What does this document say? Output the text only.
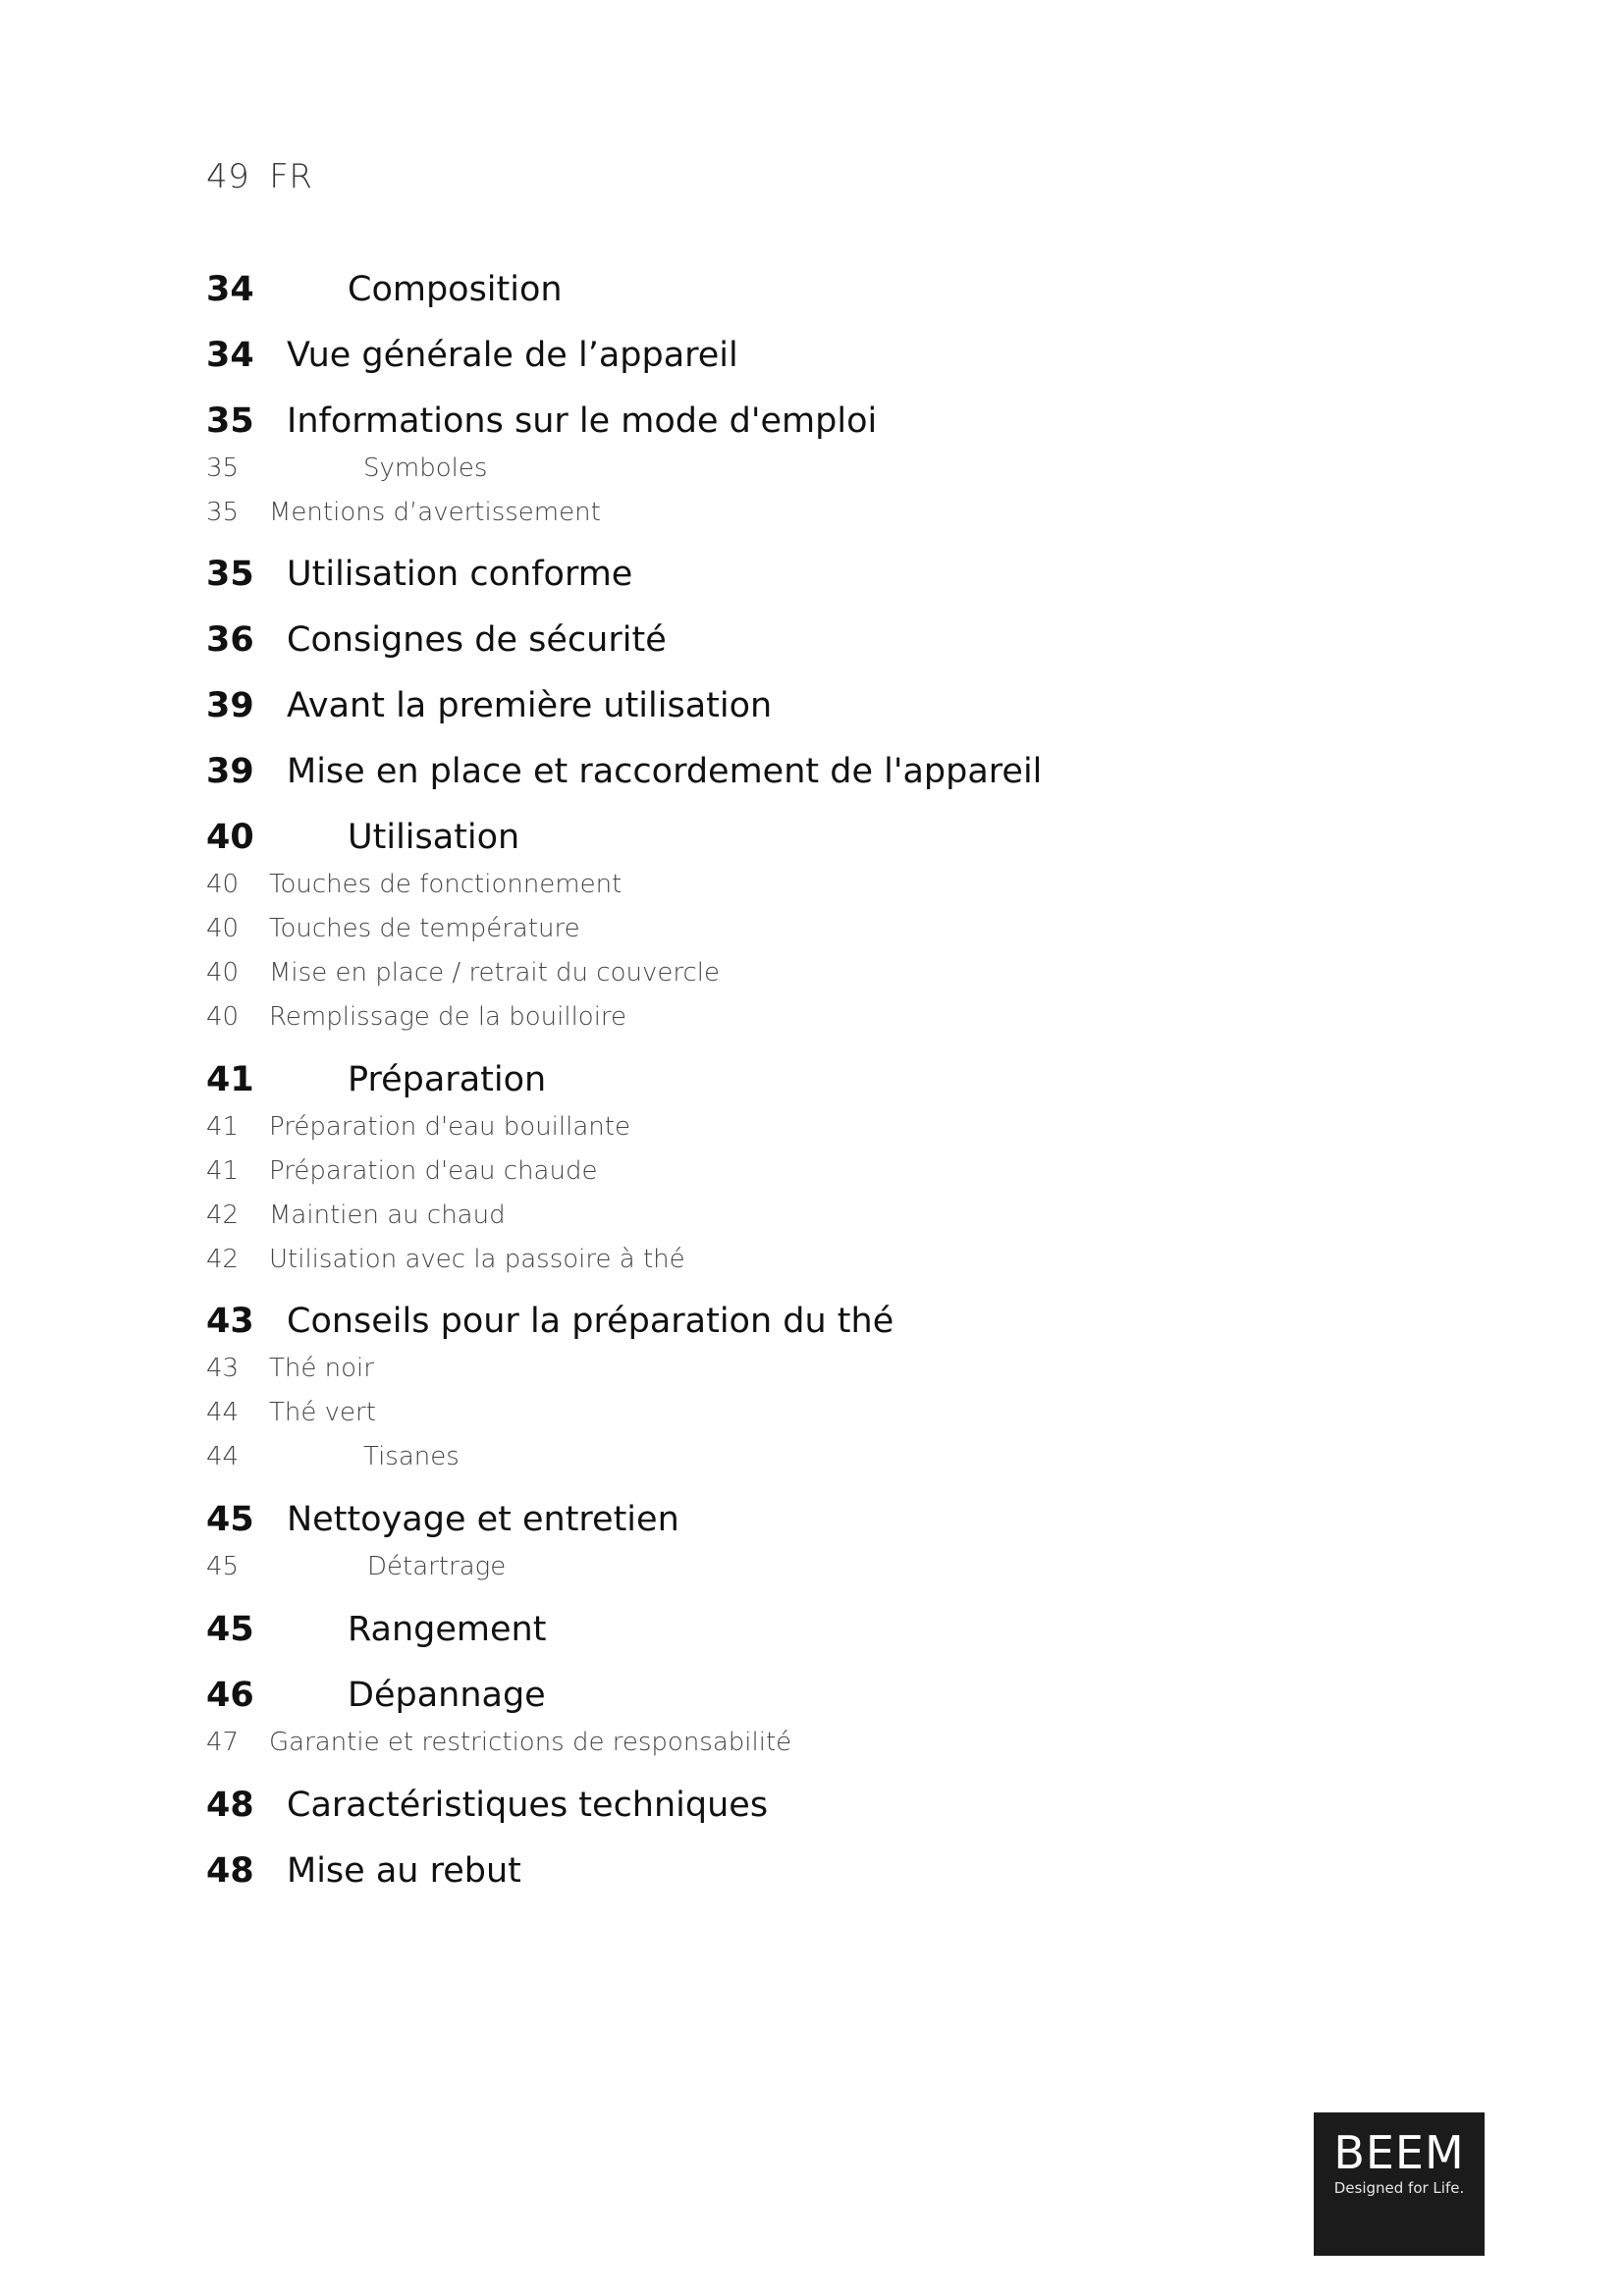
49 FR
34	Composition
34 Vue générale de l’appareil
35 Informations sur le mode d'emploi
35	Symboles
35 Mentions d’avertissement
35 Utilisation conforme
36 Consignes de sécurité
39 Avant la première utilisation
39 Mise en place et raccordement de l'appareil
40	Utilisation
40 Touches de fonctionnement
40 Touches de température
40 Mise en place / retrait du couvercle
40 Remplissage de la bouilloire
41	Préparation
41 Préparation d'eau bouillante
41 Préparation d'eau chaude
42 Maintien au chaud
42 Utilisation avec la passoire à thé
43 Conseils pour la préparation du thé
43 Thé noir
44 Thé vert
44	Tisanes
45 Nettoyage et entretien
45	Détartrage
45	Rangement
46	Dépannage
47 Garantie et restrictions de responsabilité
48 Caractéristiques techniques
48 Mise au rebut
BEEM
Designed for Life.
